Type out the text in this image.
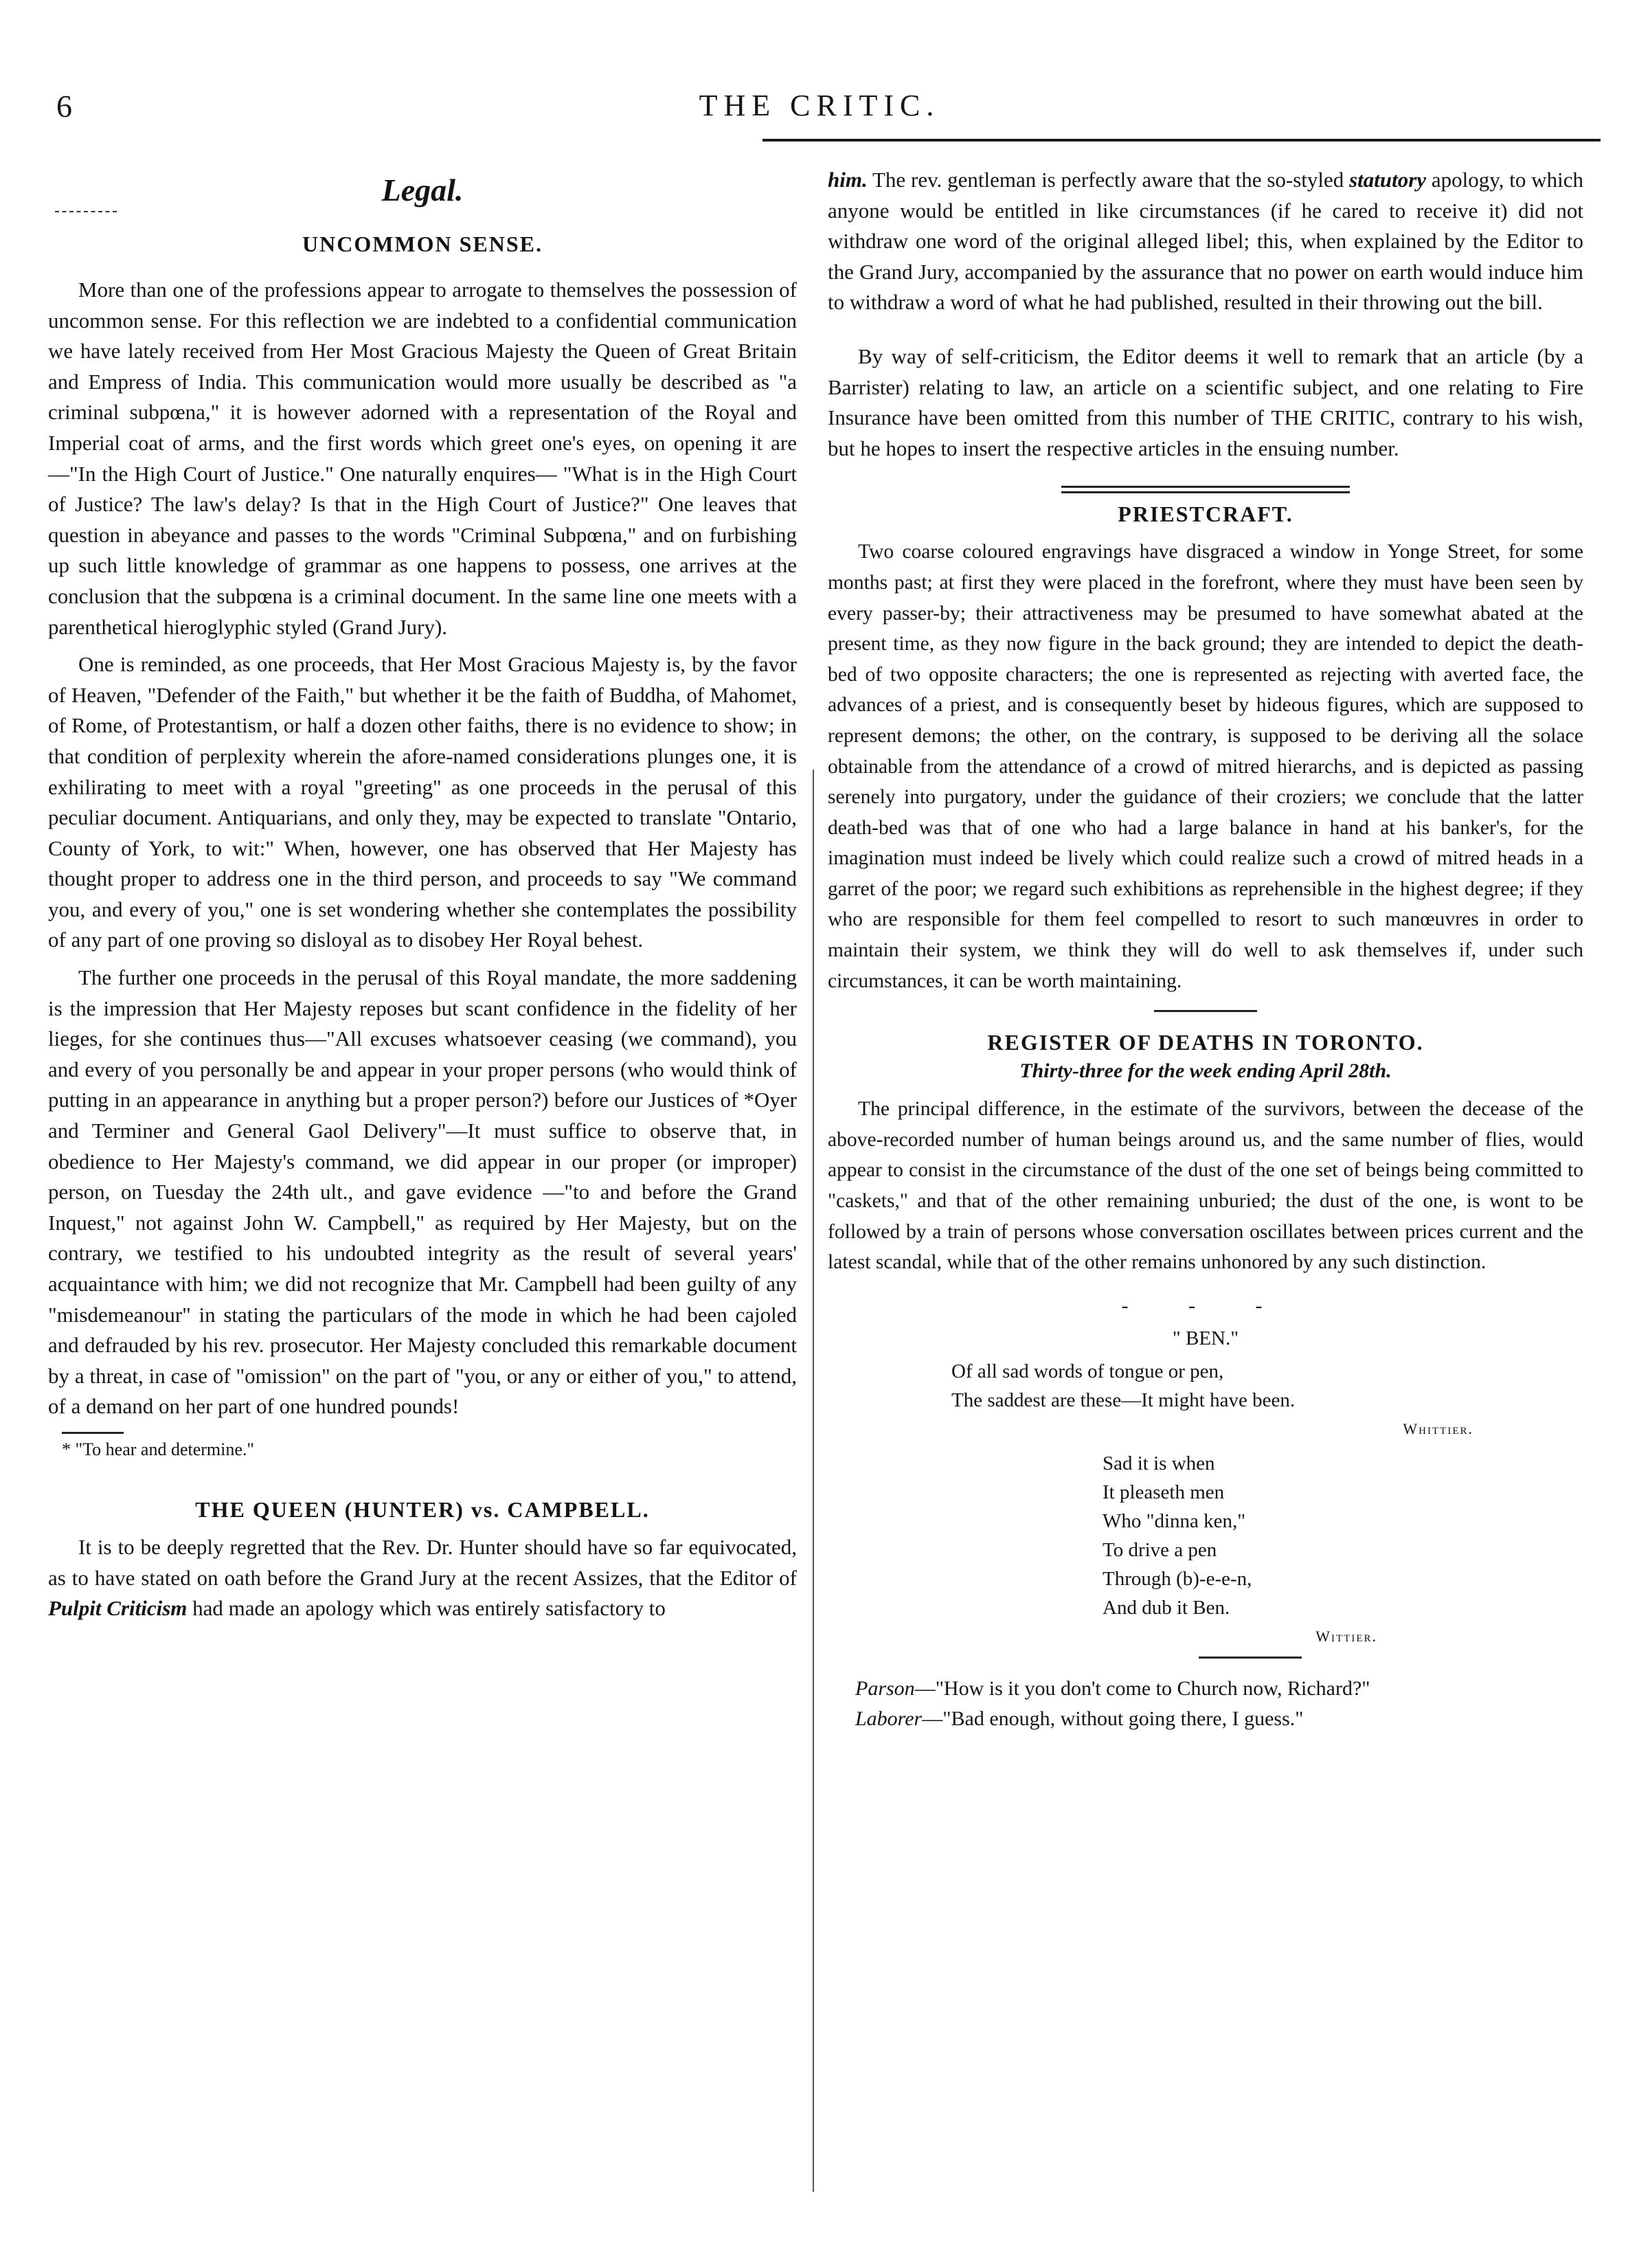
6	THE CRITIC.
Legal.
UNCOMMON SENSE.

More than one of the professions appear to arrogate to themselves the possession of uncommon sense. For this reflection we are indebted to a confidential communication we have lately received from Her Most Gracious Majesty the Queen of Great Britain and Empress of India. This communication would more usually be described as "a criminal subpœna," it is however adorned with a representation of the Royal and Imperial coat of arms, and the first words which greet one's eyes, on opening it are —"In the High Court of Justice." One naturally enquires— "What is in the High Court of Justice? The law's delay? Is that in the High Court of Justice?" One leaves that question in abeyance and passes to the words "Criminal Subpœna," and on furbishing up such little knowledge of grammar as one happens to possess, one arrives at the conclusion that the subpœna is a criminal document. In the same line one meets with a parenthetical hieroglyphic styled (Grand Jury).

One is reminded, as one proceeds, that Her Most Gracious Majesty is, by the favor of Heaven, "Defender of the Faith," but whether it be the faith of Buddha, of Mahomet, of Rome, of Protestantism, or half a dozen other faiths, there is no evidence to show; in that condition of perplexity wherein the afore-named considerations plunges one, it is exhilirating to meet with a royal "greeting" as one proceeds in the perusal of this peculiar document. Antiquarians, and only they, may be expected to translate "Ontario, County of York, to wit:" When, however, one has observed that Her Majesty has thought proper to address one in the third person, and proceeds to say "We command you, and every of you," one is set wondering whether she contemplates the possibility of any part of one proving so disloyal as to disobey Her Royal behest.

The further one proceeds in the perusal of this Royal mandate, the more saddening is the impression that Her Majesty reposes but scant confidence in the fidelity of her lieges, for she continues thus—"All excuses whatsoever ceasing (we command), you and every of you personally be and appear in your proper persons (who would think of putting in an appearance in anything but a proper person?) before our Justices of *Oyer and Terminer and General Gaol Delivery"—It must suffice to observe that, in obedience to Her Majesty's command, we did appear in our proper (or improper) person, on Tuesday the 24th ult., and gave evidence —"to and before the Grand Inquest," not against John W. Campbell," as required by Her Majesty, but on the contrary, we testified to his undoubted integrity as the result of several years' acquaintance with him; we did not recognize that Mr. Campbell had been guilty of any "misdemeanour" in stating the particulars of the mode in which he had been cajoled and defrauded by his rev. prosecutor. Her Majesty concluded this remarkable document by a threat, in case of "omission" on the part of "you, or any or either of you," to attend, of a demand on her part of one hundred pounds!

* "To hear and determine."

THE QUEEN (HUNTER) vs. CAMPBELL.

It is to be deeply regretted that the Rev. Dr. Hunter should have so far equivocated, as to have stated on oath before the Grand Jury at the recent Assizes, that the Editor of Pulpit Criticism had made an apology which was entirely satisfactory to

him. The rev. gentleman is perfectly aware that the so-styled statutory apology, to which anyone would be entitled in like circumstances (if he cared to receive it) did not withdraw one word of the original alleged libel; this, when explained by the Editor to the Grand Jury, accompanied by the assurance that no power on earth would induce him to withdraw a word of what he had published, resulted in their throwing out the bill.

By way of self-criticism, the Editor deems it well to remark that an article (by a Barrister) relating to law, an article on a scientific subject, and one relating to Fire Insurance have been omitted from this number of THE CRITIC, contrary to his wish, but he hopes to insert the respective articles in the ensuing number.

PRIESTCRAFT.

Two coarse coloured engravings have disgraced a window in Yonge Street, for some months past; at first they were placed in the forefront, where they must have been seen by every passer-by; their attractiveness may be presumed to have somewhat abated at the present time, as they now figure in the back ground; they are intended to depict the death-bed of two opposite characters; the one is represented as rejecting with averted face, the advances of a priest, and is consequently beset by hideous figures, which are supposed to represent demons; the other, on the contrary, is supposed to be deriving all the solace obtainable from the attendance of a crowd of mitred hierarchs, and is depicted as passing serenely into purgatory, under the guidance of their croziers; we conclude that the latter death-bed was that of one who had a large balance in hand at his banker's, for the imagination must indeed be lively which could realize such a crowd of mitred heads in a garret of the poor; we regard such exhibitions as reprehensible in the highest degree; if they who are responsible for them feel compelled to resort to such manœuvres in order to maintain their system, we think they will do well to ask themselves if, under such circumstances, it can be worth maintaining.

REGISTER OF DEATHS IN TORONTO.
Thirty-three for the week ending April 28th.

The principal difference, in the estimate of the survivors, between the decease of the above-recorded number of human beings around us, and the same number of flies, would appear to consist in the circumstance of the dust of the one set of beings being committed to "caskets," and that of the other remaining unburied; the dust of the one, is wont to be followed by a train of persons whose conversation oscillates between prices current and the latest scandal, while that of the other remains unhonored by any such distinction.

- - -
" BEN."
Of all sad words of tongue or pen,
The saddest are these—It might have been.
Whittier.
Sad it is when
It pleaseth men
Who "dinna ken,"
To drive a pen
Through (b)-e-e-n,
And dub it Ben.
Wittier.
Parson—"How is it you don't come to Church now, Richard?"
Laborer—"Bad enough, without going there, I guess."
